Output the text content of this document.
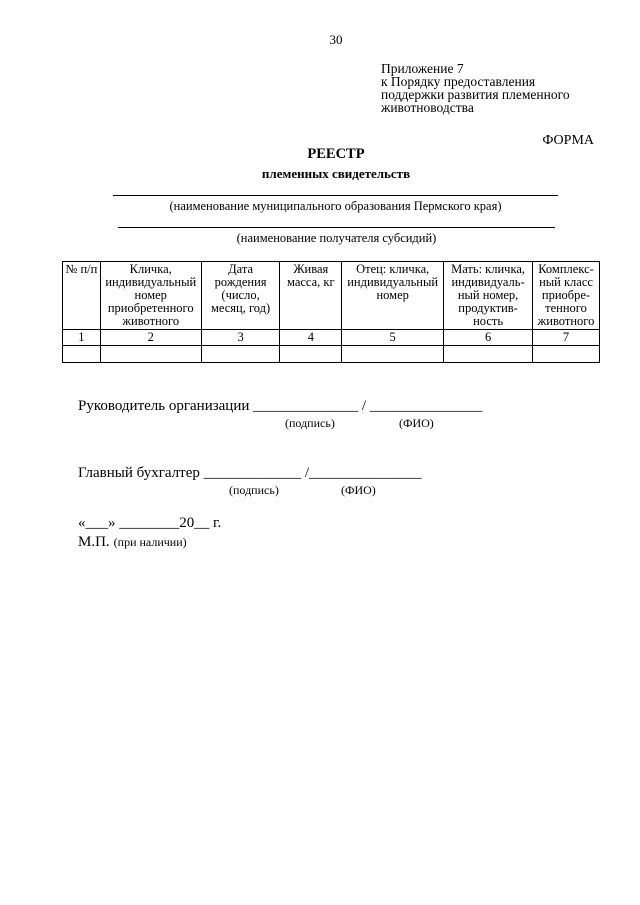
30
Приложение 7
к Порядку предоставления
поддержки развития племенного
животноводства
ФОРМА
РЕЕСТР
племенных свидетельств
(наименование муниципального образования Пермского края)
(наименование получателя субсидий)
№ п/п	Кличка, индивидуальный номер приобретенного животного	Дата рождения (число, месяц, год)	Живая масса, кг	Отец: кличка, индивидуальный номер	Мать: кличка, индивидуаль-ный номер, продуктив-ность	Комплекс-ный класс приобре-тенного животного
1	2	3	4	5	6	7

Руководитель организации ______________ / _______________
(подпись)	(ФИО)
Главный бухгалтер _____________ /_______________
(подпись)	(ФИО)
«___» ________20__ г.
М.П. (при наличии)
